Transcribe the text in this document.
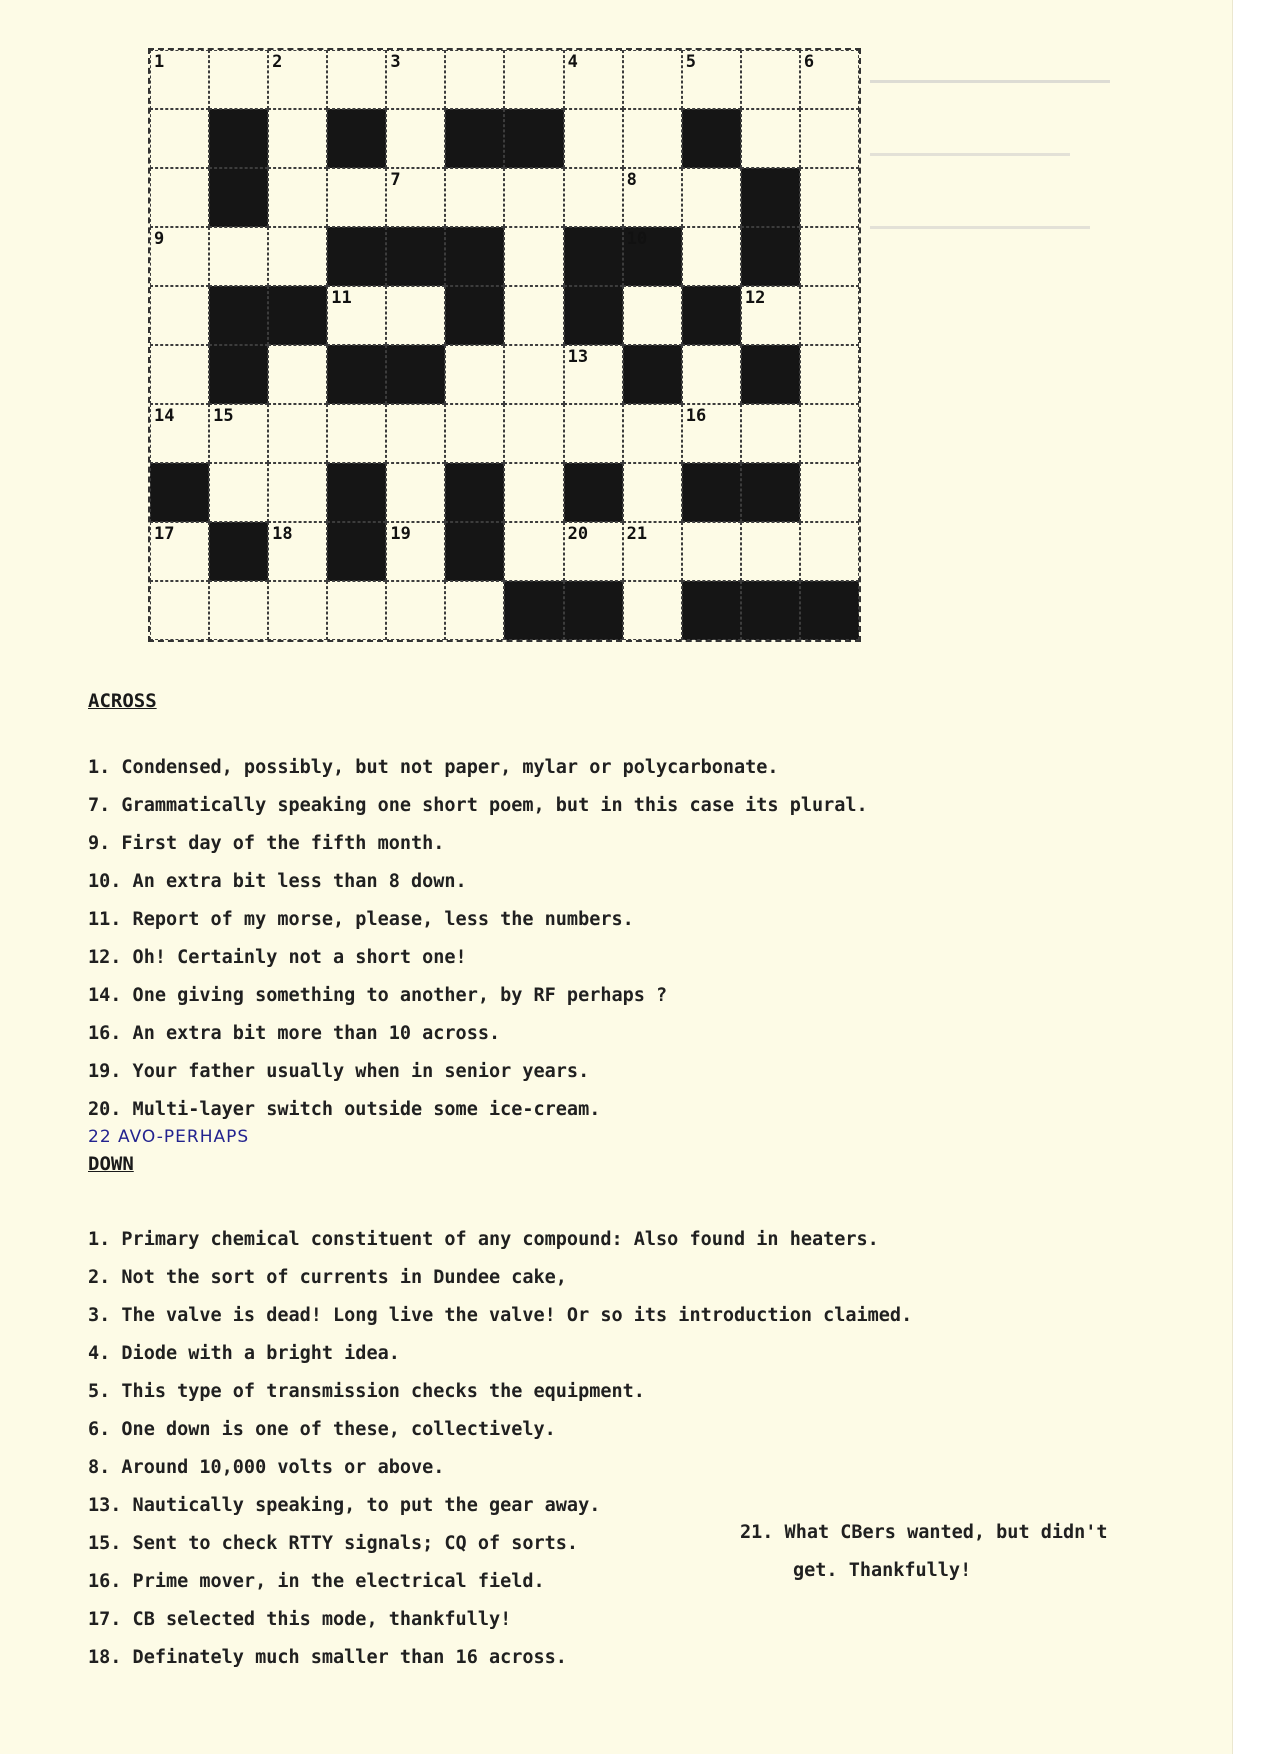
1	2	3	4	5	6
7	8
9	10
11	12
13
14 15	16
17	18	19	20 21
ACROSS
1. Condensed, possibly, but not paper, mylar or polycarbonate.
7. Grammatically speaking one short poem, but in this case its plural.
9. First day of the fifth month.
10. An extra bit less than 8 down.
11. Report of my morse, please, less the numbers.
12. Oh! Certainly not a short one!
14. One giving something to another, by RF perhaps ?
16. An extra bit more than 10 across.
19. Your father usually when in senior years.
20. Multi-layer switch outside some ice-cream.
22 AVO-PERHAPS
DOWN
1. Primary chemical constituent of any compound: Also found in heaters.
2. Not the sort of currents in Dundee cake,
3. The valve is dead! Long live the valve! Or so its introduction claimed.
4. Diode with a bright idea.
5. This type of transmission checks the equipment.
6. One down is one of these, collectively.
8. Around 10,000 volts or above.
13. Nautically speaking, to put the gear away.
15. Sent to check RTTY signals; CQ of sorts.
16. Prime mover, in the electrical field.
17. CB selected this mode, thankfully!
18. Definately much smaller than 16 across.
21. What CBers wanted, but didn't
get. Thankfully!
